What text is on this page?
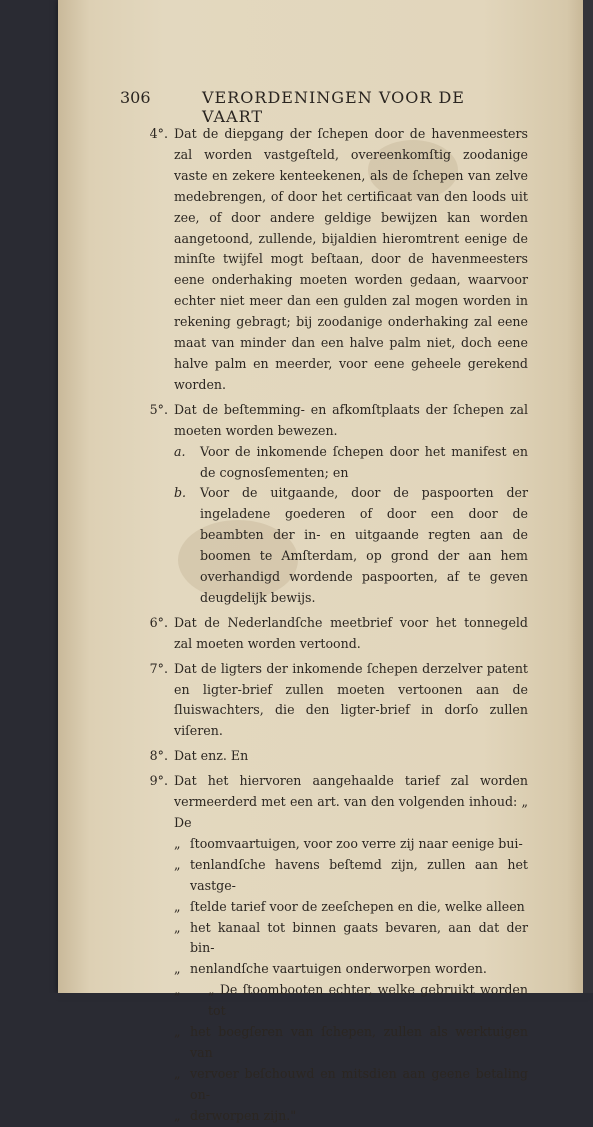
306	VERORDENINGEN VOOR DE VAART
4°. Dat de diepgang der ſchepen door de havenmeesters zal worden vastgeſteld, overeenkomſtig zoodanige vaste en zekere kenteekenen, als de ſchepen van zelve medebrengen, of door het certificaat van den loods uit zee, of door andere geldige bewijzen kan worden aangetoond, zullende, bijaldien hieromtrent eenige de minſte twijfel mogt beſtaan, door de havenmeesters eene onderhaking moeten worden gedaan, waarvoor echter niet meer dan een gulden zal mogen worden in rekening gebragt; bij zoodanige onderhaking zal eene maat van minder dan een halve palm niet, doch eene halve palm en meerder, voor eene geheele gerekend worden.

5°. Dat de beſtemming- en afkomſtplaats der ſchepen zal moeten worden bewezen.

a. Voor de inkomende ſchepen door het manifest en de cognosſementen; en

b. Voor de uitgaande, door de paspoorten der ingeladene goederen of door een door de beambten der in- en uitgaande regten aan de boomen te Amſterdam, op grond der aan hem overhandigd wordende paspoorten, af te geven deugdelijk bewijs.

6°. Dat de Nederlandſche meetbrief voor het tonnegeld zal moeten worden vertoond.

7°. Dat de ligters der inkomende ſchepen derzelver patent en ligter-brief zullen moeten vertoonen aan de ſluiswachters, die den ligter-brief in dorſo zullen viſeren.

8°. Dat enz. En

9°. Dat het hiervoren aangehaalde tarief zal worden vermeerderd met een art. van den volgenden inhoud: „ De

„ ſtoomvaartuigen, voor zoo verre zij naar eenige bui-

„ tenlandſche havens beſtemd zijn, zullen aan het vastge-

„ ſtelde tarief voor de zeeſchepen en die, welke alleen

„ het kanaal tot binnen gaats bevaren, aan dat der bin-

„ nenlandſche vaartuigen onderworpen worden.

„	„ De ſtoombooten echter, welke gebruikt worden tot

„ het boegſeren van ſchepen, zullen als werktuigen van

„ vervoer beſchouwd en mitsdien aan geene betaling on-

„ derworpen zijn."
